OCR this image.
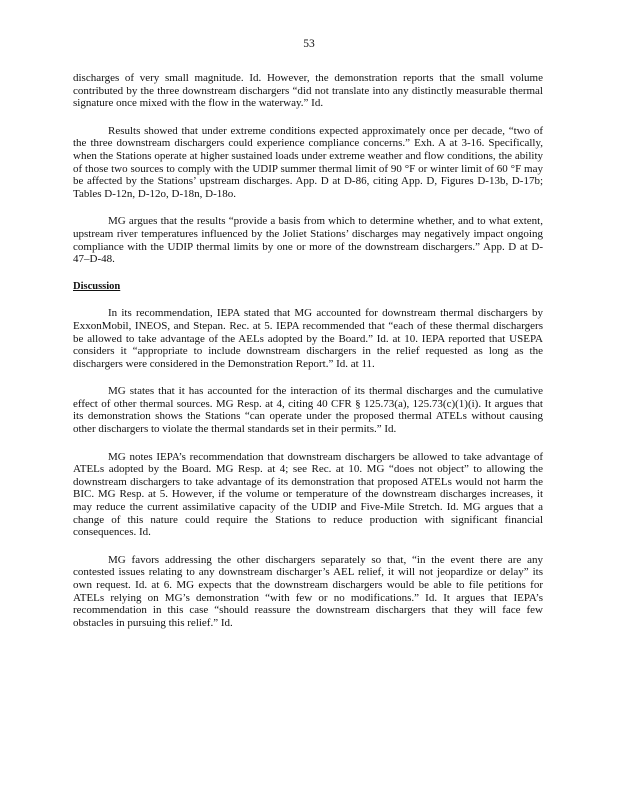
53

discharges of very small magnitude. Id. However, the demonstration reports that the small volume contributed by the three downstream dischargers “did not translate into any distinctly measurable thermal signature once mixed with the flow in the waterway.” Id.

Results showed that under extreme conditions expected approximately once per decade, “two of the three downstream dischargers could experience compliance concerns.” Exh. A at 3-16. Specifically, when the Stations operate at higher sustained loads under extreme weather and flow conditions, the ability of those two sources to comply with the UDIP summer thermal limit of 90 °F or winter limit of 60 °F may be affected by the Stations’ upstream discharges. App. D at D-86, citing App. D, Figures D-13b, D-17b; Tables D-12n, D-12o, D-18n, D-18o.

MG argues that the results “provide a basis from which to determine whether, and to what extent, upstream river temperatures influenced by the Joliet Stations’ discharges may negatively impact ongoing compliance with the UDIP thermal limits by one or more of the downstream dischargers.” App. D at D-47–D-48.

Discussion

In its recommendation, IEPA stated that MG accounted for downstream thermal dischargers by ExxonMobil, INEOS, and Stepan. Rec. at 5. IEPA recommended that “each of these thermal dischargers be allowed to take advantage of the AELs adopted by the Board.” Id. at 10. IEPA reported that USEPA considers it “appropriate to include downstream dischargers in the relief requested as long as the dischargers were considered in the Demonstration Report.” Id. at 11.

MG states that it has accounted for the interaction of its thermal discharges and the cumulative effect of other thermal sources. MG Resp. at 4, citing 40 CFR § 125.73(a), 125.73(c)(1)(i). It argues that its demonstration shows the Stations “can operate under the proposed thermal ATELs without causing other dischargers to violate the thermal standards set in their permits.” Id.

MG notes IEPA’s recommendation that downstream dischargers be allowed to take advantage of ATELs adopted by the Board. MG Resp. at 4; see Rec. at 10. MG “does not object” to allowing the downstream dischargers to take advantage of its demonstration that proposed ATELs would not harm the BIC. MG Resp. at 5. However, if the volume or temperature of the downstream discharges increases, it may reduce the current assimilative capacity of the UDIP and Five-Mile Stretch. Id. MG argues that a change of this nature could require the Stations to reduce production with significant financial consequences. Id.

MG favors addressing the other dischargers separately so that, “in the event there are any contested issues relating to any downstream discharger’s AEL relief, it will not jeopardize or delay” its own request. Id. at 6. MG expects that the downstream dischargers would be able to file petitions for ATELs relying on MG’s demonstration “with few or no modifications.” Id. It argues that IEPA’s recommendation in this case “should reassure the downstream dischargers that they will face few obstacles in pursuing this relief.” Id.
